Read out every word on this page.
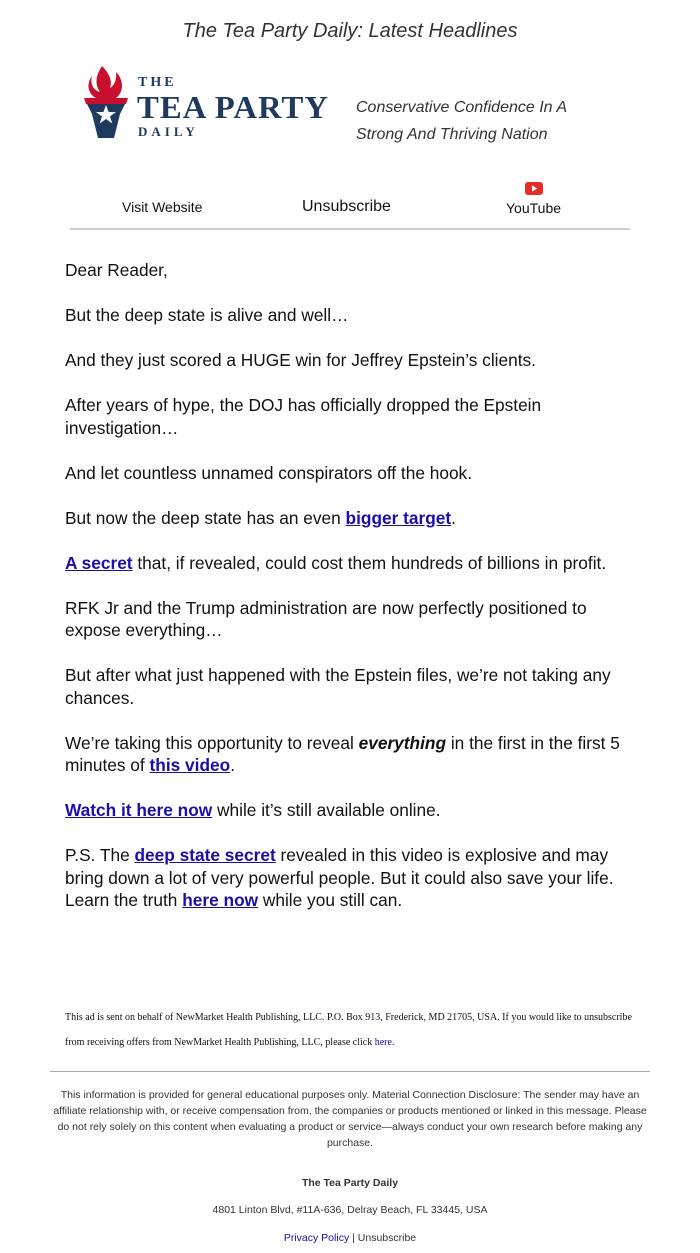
The Tea Party Daily: Latest Headlines
THE
TEA PARTY
DAILY
Conservative Confidence In A
Strong And Thriving Nation
Visit Website	Unsubscribe	YouTube

Dear Reader,

But the deep state is alive and well…

And they just scored a HUGE win for Jeffrey Epstein’s clients.

After years of hype, the DOJ has officially dropped the Epstein investigation…

And let countless unnamed conspirators off the hook.

But now the deep state has an even bigger target.

A secret that, if revealed, could cost them hundreds of billions in profit.

RFK Jr and the Trump administration are now perfectly positioned to expose everything…

But after what just happened with the Epstein files, we’re not taking any chances.

We’re taking this opportunity to reveal everything in the first in the first 5 minutes of this video.

Watch it here now while it’s still available online.

P.S. The deep state secret revealed in this video is explosive and may bring down a lot of very powerful people. But it could also save your life. Learn the truth here now while you still can.

This ad is sent on behalf of NewMarket Health Publishing, LLC. P.O. Box 913, Frederick, MD 21705, USA. If you would like to unsubscribe from receiving offers from NewMarket Health Publishing, LLC, please click here.
This information is provided for general educational purposes only. Material Connection Disclosure: The sender may have an affiliate relationship with, or receive compensation from, the companies or products mentioned or linked in this message. Please do not rely solely on this content when evaluating a product or service—always conduct your own research before making any purchase.
The Tea Party Daily
4801 Linton Blvd, #11A-636, Delray Beach, FL 33445, USA
Privacy Policy | Unsubscribe
